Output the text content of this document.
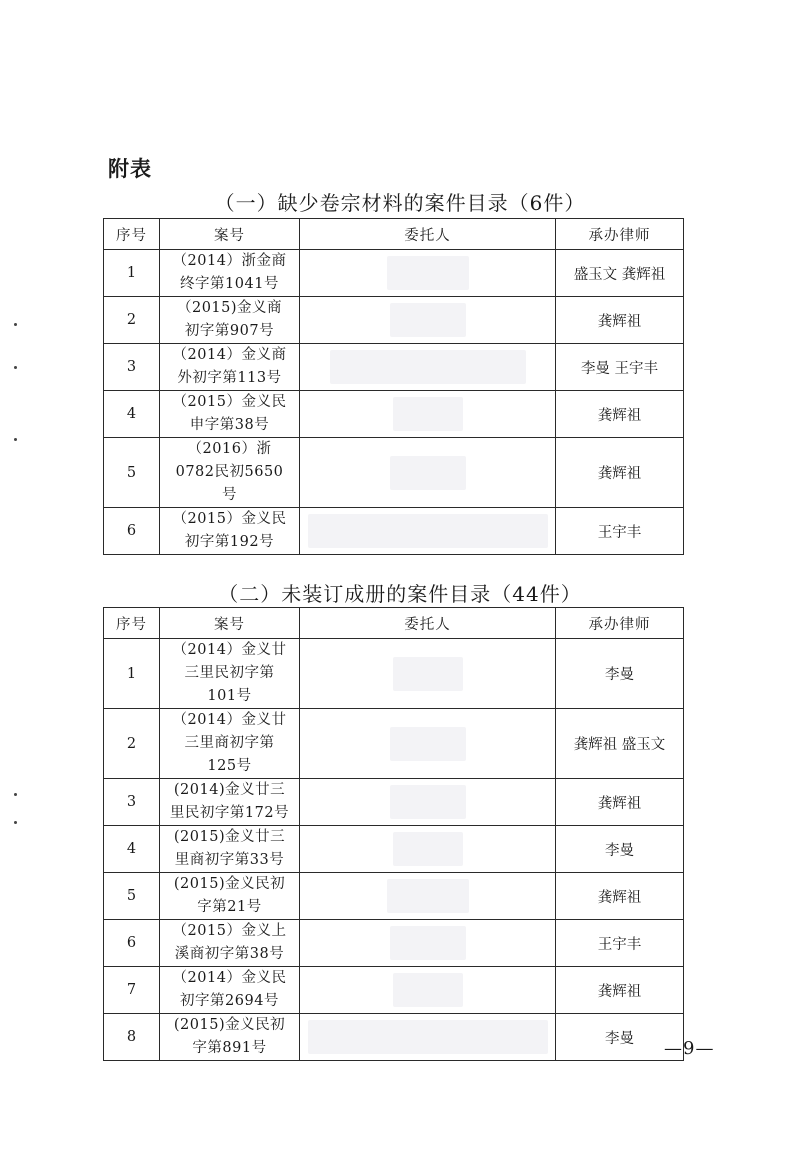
附表
（一）缺少卷宗材料的案件目录（6件）
序号	案号	委托人	承办律师
1	（2014）浙金商终字第1041号		盛玉文 龚辉祖
2	（2015)金义商初字第907号		龚辉祖
3	（2014）金义商外初字第113号		李曼 王宇丰
4	（2015）金义民申字第38号		龚辉祖
5	（2016）浙0782民初5650号		龚辉祖
6	（2015）金义民初字第192号		王宇丰
（二）未装订成册的案件目录（44件）
序号	案号	委托人	承办律师
1	（2014）金义廿三里民初字第101号		李曼
2	（2014）金义廿三里商初字第125号		龚辉祖 盛玉文
3	(2014)金义廿三里民初字第172号		龚辉祖
4	(2015)金义廿三里商初字第33号		李曼
5	(2015)金义民初字第21号		龚辉祖
6	（2015）金义上溪商初字第38号		王宇丰
7	（2014）金义民初字第2694号		龚辉祖
8	(2015)金义民初字第891号		李曼 —9—
